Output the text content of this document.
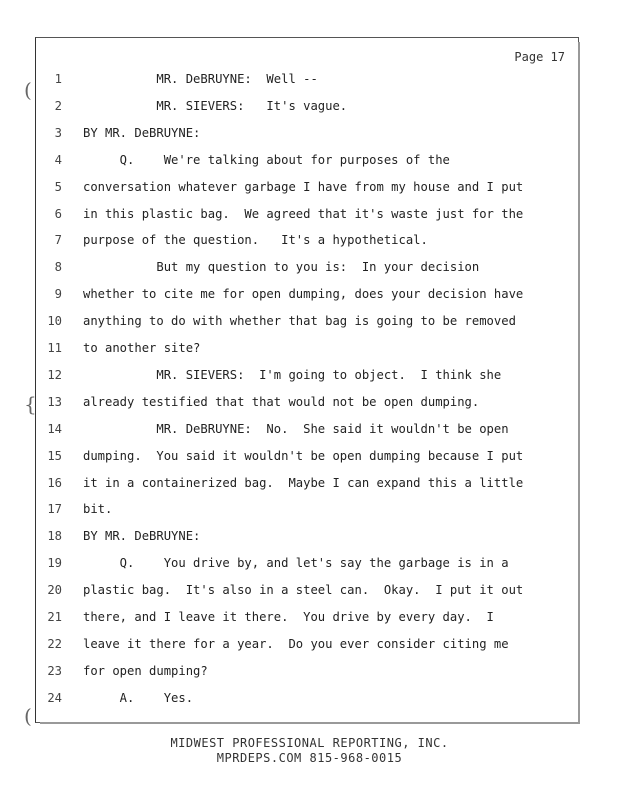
(
{
(
Page 17
1 MR. DeBRUYNE:  Well --
2 MR. SIEVERS:   It's vague.
3 BY MR. DeBRUYNE:
4 Q.    We're talking about for purposes of the
5 conversation whatever garbage I have from my house and I put
6 in this plastic bag.  We agreed that it's waste just for the
7 purpose of the question.   It's a hypothetical.
8 But my question to you is:  In your decision
9 whether to cite me for open dumping, does your decision have
10 anything to do with whether that bag is going to be removed
11 to another site?
12 MR. SIEVERS:  I'm going to object.  I think she
13 already testified that that would not be open dumping.
14 MR. DeBRUYNE:  No.  She said it wouldn't be open
15 dumping.  You said it wouldn't be open dumping because I put
16 it in a containerized bag.  Maybe I can expand this a little
17 bit.
18 BY MR. DeBRUYNE:
19 Q.    You drive by, and let's say the garbage is in a
20 plastic bag.  It's also in a steel can.  Okay.  I put it out
21 there, and I leave it there.  You drive by every day.  I
22 leave it there for a year.  Do you ever consider citing me
23 for open dumping?
24 A.    Yes.
MIDWEST PROFESSIONAL REPORTING, INC.
MPRDEPS.COM 815-968-0015
